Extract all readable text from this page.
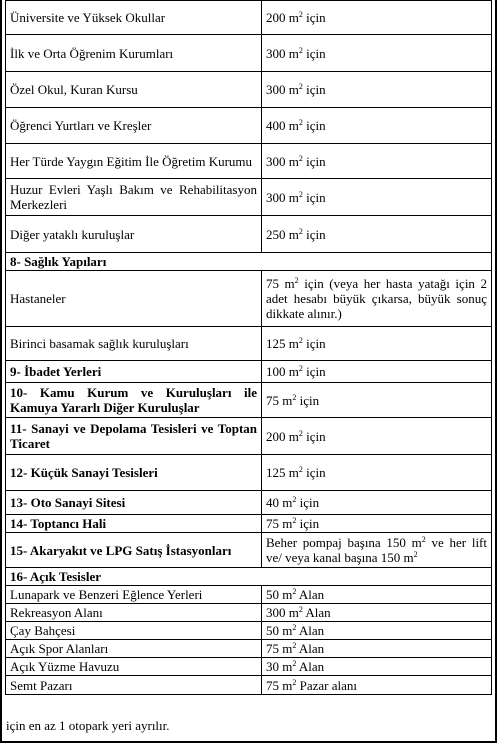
Üniversite ve Yüksek Okullar	200 $m^2$ için
İlk ve Orta Öğrenim Kurumları	300 $m^2$ için
Özel Okul, Kuran Kursu	300 $m^2$ için
Öğrenci Yurtları ve Kreşler	400 $m^2$ için
Her Türde Yaygın Eğitim İle Öğretim Kurumu	300 $m^2$ için
Huzur Evleri Yaşlı Bakım ve Rehabilitasyon Merkezleri	300 $m^2$ için
Diğer yataklı kuruluşlar	250 $m^2$ için
8- Sağlık Yapıları	
Hastaneler	75 $m^2$ için (veya her hasta yatağı için 2 adet hesabı büyük çıkarsa, büyük sonuç dikkate alınır.)
Birinci basamak sağlık kuruluşları	125 $m^2$ için
9- İbadet Yerleri	100 $m^2$ için
10- Kamu Kurum ve Kuruluşları ile Kamuya Yararlı Diğer Kuruluşlar	75 $m^2$ için
11- Sanayi ve Depolama Tesisleri ve Toptan Ticaret	200 $m^2$ için
12- Küçük Sanayi Tesisleri	125 $m^2$ için
13- Oto Sanayi Sitesi	40 $m^2$ için
14- Toptancı Hali	75 $m^2$ için
15- Akaryakıt ve LPG Satış İstasyonları	Beher pompaj başına 150 $m^2$ ve her lift ve/ veya kanal başına 150 $m^2$
16- Açık Tesisler	
Lunapark ve Benzeri Eğlence Yerleri	50 $m^2$ Alan
Rekreasyon Alanı	300 $m^2$ Alan
Çay Bahçesi	50 $m^2$ Alan
Açık Spor Alanları	75 $m^2$ Alan
Açık Yüzme Havuzu	30 $m^2$ Alan
Semt Pazarı	75 $m^2$ Pazar alanı
için en az 1 otopark yeri ayrılır.
